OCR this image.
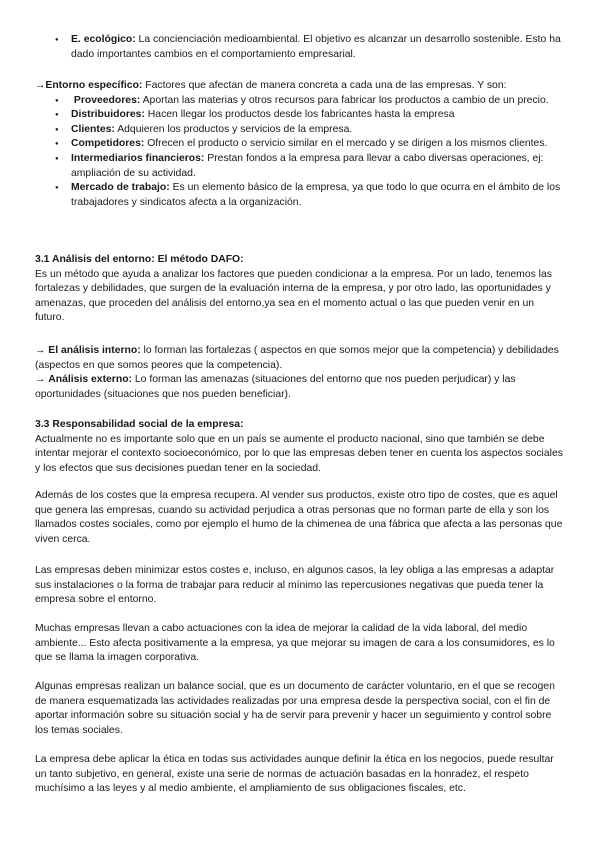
● E. ecológico: La concienciación medioambiental. El objetivo es alcanzar un desarrollo sostenible. Esto ha dado importantes cambios en el comportamiento empresarial.

→Entorno específico: Factores que afectan de manera concreta a cada una de las empresas. Y son:

● Proveedores: Aportan las materias y otros recursos para fabricar los productos a cambio de un precio.
● Distribuidores: Hacen llegar los productos desde los fabricantes hasta la empresa
● Clientes: Adquieren los productos y servicios de la empresa.
● Competidores: Ofrecen el producto o servicio similar en el mercado y se dirigen a los mismos clientes.
● Intermediarios financieros: Prestan fondos a la empresa para llevar a cabo diversas operaciones, ej: ampliación de su actividad.
● Mercado de trabajo: Es un elemento básico de la empresa, ya que todo lo que ocurra en el ámbito de los trabajadores y sindicatos afecta a la organización.

3.1 Análisis del entorno: El método DAFO:

Es un método que ayuda a analizar los factores que pueden condicionar a la empresa. Por un lado, tenemos las fortalezas y debilidades, que surgen de la evaluación interna de la empresa, y por otro lado, las oportunidades y amenazas, que proceden del análisis del entorno,ya sea en el momento actual o las que pueden venir en un futuro.

→ El análisis interno: lo forman las fortalezas ( aspectos en que somos mejor que la competencia) y debilidades (aspectos en que somos peores que la competencia).

→ Análisis externo: Lo forman las amenazas (situaciones del entorno que nos pueden perjudicar) y las oportunidades (situaciones que nos pueden beneficiar).

3.3 Responsabilidad social de la empresa:

Actualmente no es importante solo que en un país se aumente el producto nacional, sino que también se debe intentar mejorar el contexto socioeconómico, por lo que las empresas deben tener en cuenta los aspectos sociales y los efectos que sus decisiones puedan tener en la sociedad.

Además de los costes que la empresa recupera. Al vender sus productos, existe otro tipo de costes, que es aquel que genera las empresas, cuando su actividad perjudica a otras personas que no forman parte de ella y son los llamados costes sociales, como por ejemplo el humo de la chimenea de una fábrica que afecta a las personas que viven cerca.

Las empresas deben minimizar estos costes e, incluso, en algunos casos, la ley obliga a las empresas a adaptar sus instalaciones o la forma de trabajar para reducir al mínimo las repercusiones negativas que pueda tener la empresa sobre el entorno.

Muchas empresas llevan a cabo actuaciones con la idea de mejorar la calidad de la vida laboral, del medio ambiente... Esto afecta positivamente a la empresa, ya que mejorar su imagen de cara a los consumidores, es lo que se llama la imagen corporativa.

Algunas empresas realizan un balance social, que es un documento de carácter voluntario, en el que se recogen de manera esquematizada las actividades realizadas por una empresa desde la perspectiva social, con el fin de aportar información sobre su situación social y ha de servir para prevenir y hacer un seguimiento y control sobre los temas sociales.

La empresa debe aplicar la ética en todas sus actividades aunque definir la ética en los negocios, puede resultar un tanto subjetivo, en general, existe una serie de normas de actuación basadas en la honradez, el respeto muchísimo a las leyes y al medio ambiente, el ampliamiento de sus obligaciones fiscales, etc.
